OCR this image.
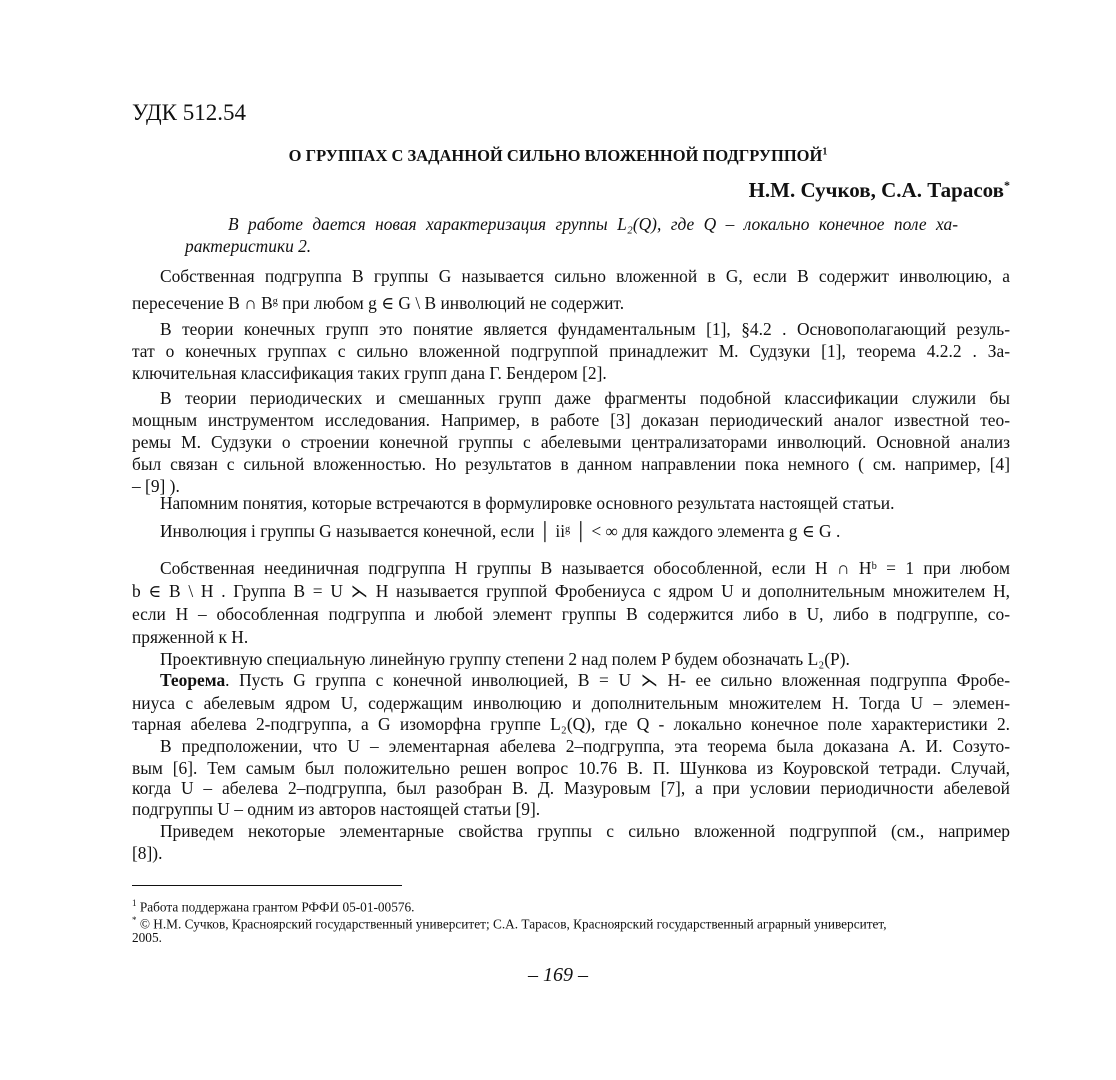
УДК 512.54
О ГРУППАХ С ЗАДАННОЙ СИЛЬНО ВЛОЖЕННОЙ ПОДГРУППОЙ$^1$
Н.М. Сучков, С.А. Тарасов*
В работе дается новая характеризация группы L₂(Q), где Q – локально конечное поле ха-
рактеристики 2.
Собственная подгруппа B группы G называется сильно вложенной в G, если B содержит инволюцию, а
пересечение B ∩ Bᵍ при любом g ∈ G \ B инволюций не содержит.
В теории конечных групп это понятие является фундаментальным [1], §4.2 . Основополагающий резуль-
тат о конечных группах с сильно вложенной подгруппой принадлежит М. Судзуки [1], теорема 4.2.2 . За-
ключительная классификация таких групп дана Г. Бендером [2].
В теории периодических и смешанных групп даже фрагменты подобной классификации служили бы
мощным инструментом исследования. Например, в работе [3] доказан периодический аналог известной тео-
ремы М. Судзуки о строении конечной группы с абелевыми централизаторами инволюций. Основной анализ
был связан с сильной вложенностью. Но результатов в данном направлении пока немного ( см. например, [4]
– [9] ).
Напомним понятия, которые встречаются в формулировке основного результата настоящей статьи.
Инволюция i группы G называется конечной, если │ iiᵍ │ < ∞ для каждого элемента g ∈ G .
Собственная неединичная подгруппа H группы B называется обособленной, если H ∩ Hᵇ = 1 при любом
b ∈ B \ H . Группа B = U ⋋ H называется группой Фробениуса с ядром U и дополнительным множителем H,
если H – обособленная подгруппа и любой элемент группы B содержится либо в U, либо в подгруппе, со-
пряженной к H.
Проективную специальную линейную группу степени 2 над полем P будем обозначать L₂(P).
Теорема. Пусть G группа с конечной инволюцией, B = U ⋋ H- ее сильно вложенная подгруппа Фробе-
ниуса с абелевым ядром U, содержащим инволюцию и дополнительным множителем H. Тогда U – элемен-
тарная абелева 2-подгруппа, а G изоморфна группе L₂(Q), где Q - локально конечное поле характеристики 2.
В предположении, что U – элементарная абелева 2–подгруппа, эта теорема была доказана А. И. Созуто-
вым [6]. Тем самым был положительно решен вопрос 10.76 В. П. Шункова из Коуровской тетради. Случай,
когда U – абелева 2–подгруппа, был разобран В. Д. Мазуровым [7], а при условии периодичности абелевой
подгруппы U – одним из авторов настоящей статьи [9].
Приведем некоторые элементарные свойства группы с сильно вложенной подгруппой (см., например
[8]).
$^1$ Работа поддержана грантом РФФИ 05-01-00576.
* © Н.М. Сучков, Красноярский государственный университет; С.А. Тарасов, Красноярский государственный аграрный университет,
2005.
– 169 –
